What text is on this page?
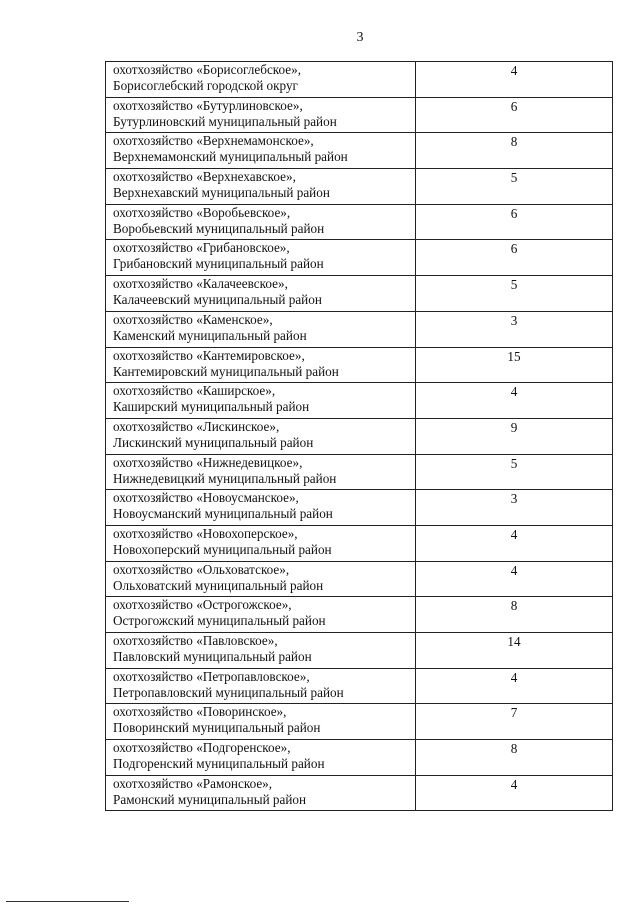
3
охотхозяйство «Борисоглебское»,
Борисоглебский городской округ	4

охотхозяйство «Бутурлиновское»,
Бутурлиновский муниципальный район	6

охотхозяйство «Верхнемамонское»,
Верхнемамонский муниципальный район	8

охотхозяйство «Верхнехавское»,
Верхнехавский муниципальный район	5

охотхозяйство «Воробьевское»,
Воробьевский муниципальный район	6

охотхозяйство «Грибановское»,
Грибановский муниципальный район	6

охотхозяйство «Калачеевское»,
Калачеевский муниципальный район	5

охотхозяйство «Каменское»,
Каменский муниципальный район	3

охотхозяйство «Кантемировское»,
Кантемировский муниципальный район	15

охотхозяйство «Каширское»,
Каширский муниципальный район	4

охотхозяйство «Лискинское»,
Лискинский муниципальный район	9

охотхозяйство «Нижнедевицкое»,
Нижнедевицкий муниципальный район	5

охотхозяйство «Новоусманское»,
Новоусманский муниципальный район	3

охотхозяйство «Новохоперское»,
Новохоперский муниципальный район	4

охотхозяйство «Ольховатское»,
Ольховатский муниципальный район	4

охотхозяйство «Острогожское»,
Острогожский муниципальный район	8

охотхозяйство «Павловское»,
Павловский муниципальный район	14

охотхозяйство «Петропавловское»,
Петропавловский муниципальный район	4

охотхозяйство «Поворинское»,
Поворинский муниципальный район	7

охотхозяйство «Подгоренское»,
Подгоренский муниципальный район	8

охотхозяйство «Рамонское»,
Рамонский муниципальный район	4
